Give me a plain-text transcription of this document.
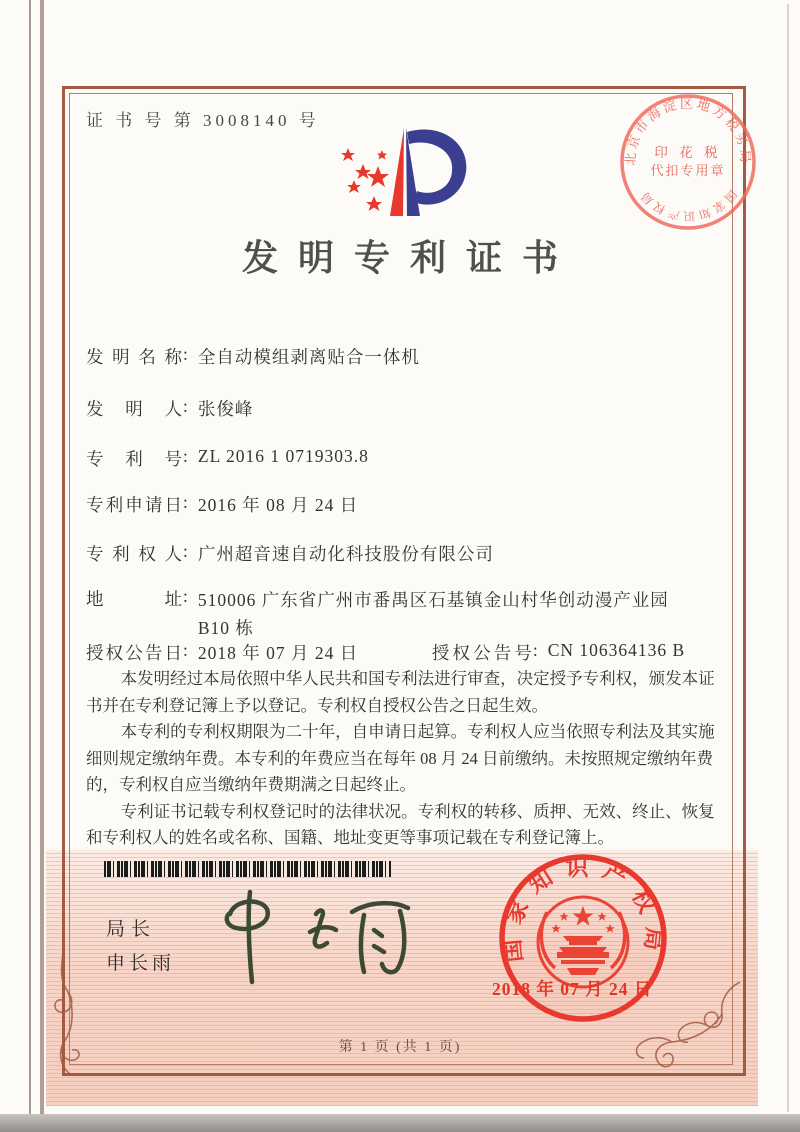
证 书 号 第 3008140 号
北京市海淀区地方税务局
印 花 税
代扣专用章
国家知识产权局
发明专利证书
发明名称: 全自动模组剥离贴合一体机
发明人: 张俊峰
专利号: ZL 2016 1 0719303.8
专利申请日: 2016 年 08 月 24 日
专利权人: 广州超音速自动化科技股份有限公司
地址: 510006 广东省广州市番禺区石基镇金山村华创动漫产业园 B10 栋
授权公告日: 2018 年 07 月 24 日	授权公告号: CN 106364136 B

本发明经过本局依照中华人民共和国专利法进行审查，决定授予专利权，颁发本证书并在专利登记簿上予以登记。专利权自授权公告之日起生效。

本专利的专利权期限为二十年，自申请日起算。专利权人应当依照专利法及其实施细则规定缴纳年费。本专利的年费应当在每年 08 月 24 日前缴纳。未按照规定缴纳年费的，专利权自应当缴纳年费期满之日起终止。

专利证书记载专利权登记时的法律状况。专利权的转移、质押、无效、终止、恢复和专利权人的姓名或名称、国籍、地址变更等事项记载在专利登记簿上。

局长
申长雨
国家知识产权局
2018 年 07 月 24 日
第 1 页 (共 1 页)
